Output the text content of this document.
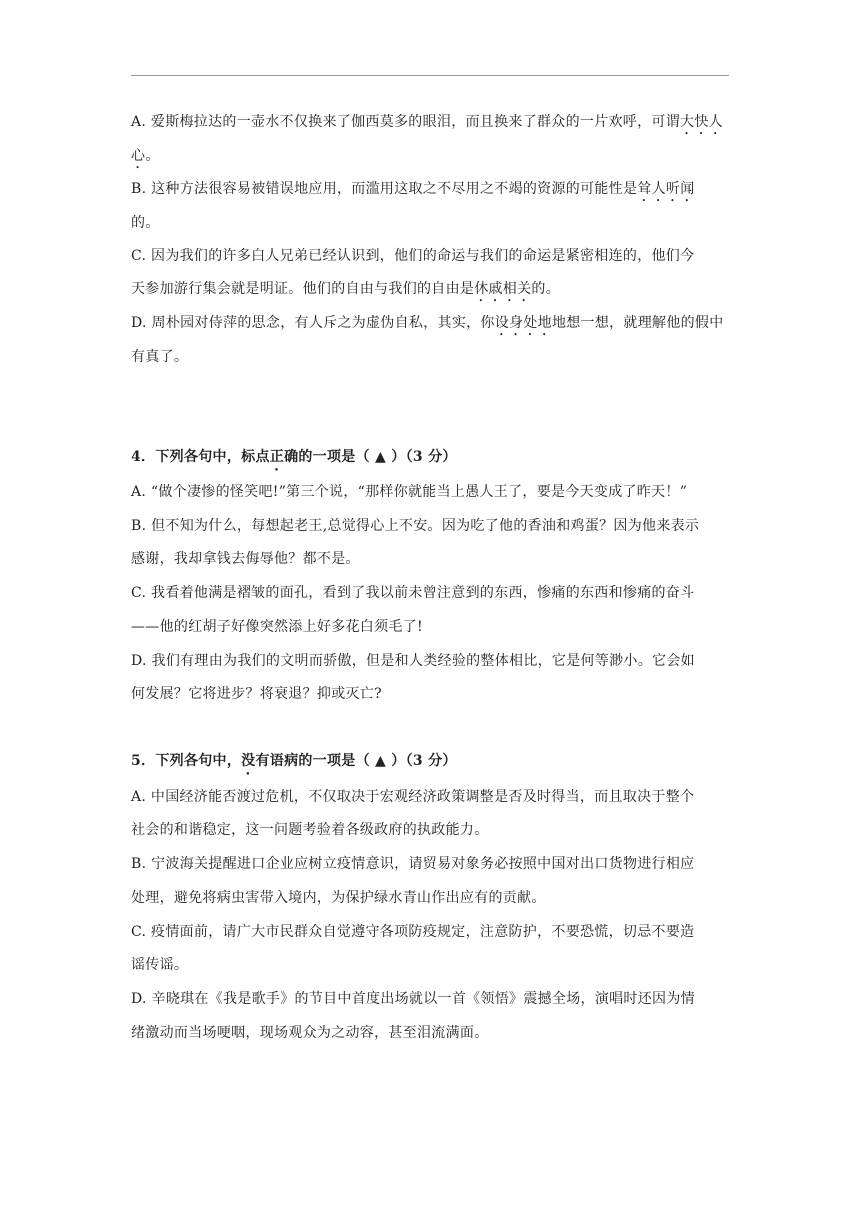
A. 爱斯梅拉达的一壶水不仅换来了伽西莫多的眼泪，而且换来了群众的一片欢呼，可谓大快人
心。
B. 这种方法很容易被错误地应用，而滥用这取之不尽用之不竭的资源的可能性是耸人听闻
的。
C. 因为我们的许多白人兄弟已经认识到，他们的命运与我们的命运是紧密相连的，他们今
天参加游行集会就是明证。他们的自由与我们的自由是休戚相关的。
D. 周朴园对侍萍的思念，有人斥之为虚伪自私，其实，你设身处地地想一想，就理解他的假中
有真了。
4．下列各句中，标点正确的一项是（ ▲ ）（3 分）
A. “做个凄惨的怪笑吧!”第三个说，“那样你就能当上愚人王了，要是今天变成了昨天！”
B. 但不知为什么，每想起老王,总觉得心上不安。因为吃了他的香油和鸡蛋？因为他来表示
感谢，我却拿钱去侮辱他？都不是。
C. 我看着他满是褶皱的面孔，看到了我以前未曾注意到的东西，惨痛的东西和惨痛的奋斗
——他的红胡子好像突然添上好多花白须毛了!
D. 我们有理由为我们的文明而骄傲，但是和人类经验的整体相比，它是何等渺小。它会如
何发展？它将进步？将衰退？抑或灭亡?
5．下列各句中，没有语病的一项是（ ▲ ）（3 分）
A. 中国经济能否渡过危机，不仅取决于宏观经济政策调整是否及时得当，而且取决于整个
社会的和谐稳定，这一问题考验着各级政府的执政能力。
B. 宁波海关提醒进口企业应树立疫情意识，请贸易对象务必按照中国对出口货物进行相应
处理，避免将病虫害带入境内，为保护绿水青山作出应有的贡献。
C. 疫情面前，请广大市民群众自觉遵守各项防疫规定，注意防护，不要恐慌，切忌不要造
谣传谣。
D. 辛晓琪在《我是歌手》的节目中首度出场就以一首《领悟》震撼全场，演唱时还因为情
绪激动而当场哽咽，现场观众为之动容，甚至泪流满面。
